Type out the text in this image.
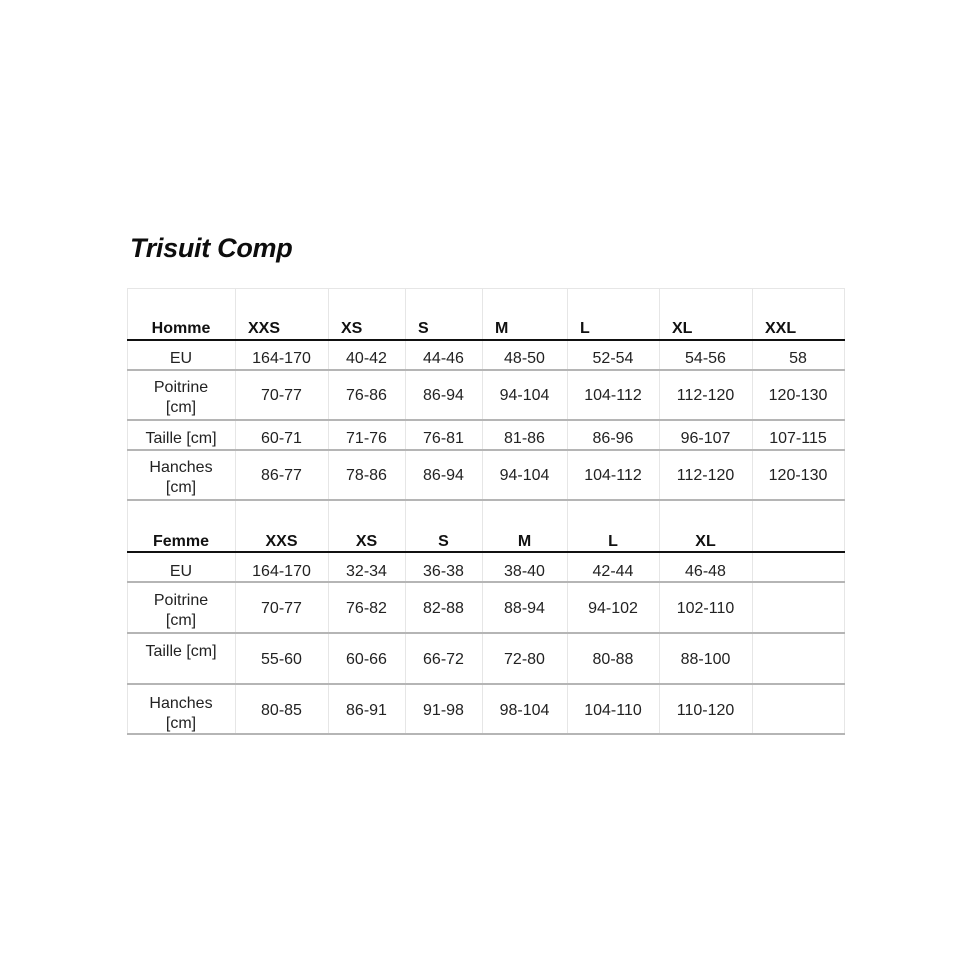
Trisuit Comp
Homme	XXS	XS	S	M	L	XL	XXL
EU	164-170	40-42	44-46	48-50	52-54	54-56	58
Poitrine
[cm]
70-77	76-86	86-94	94-104	104-112	112-120	120-130
Taille [cm]	60-71	71-76	76-81	81-86	86-96	96-107	107-115
Hanches
[cm]
86-77	78-86	86-94	94-104	104-112	112-120	120-130
Femme	XXS	XS	S	M	L	XL
EU	164-170	32-34	36-38	38-40	42-44	46-48
Poitrine
[cm]
70-77	76-82	82-88	88-94	94-102	102-110
Taille [cm]	55-60	60-66	66-72	72-80	80-88	88-100
Hanches
[cm]
80-85	86-91	91-98	98-104	104-110	110-120
